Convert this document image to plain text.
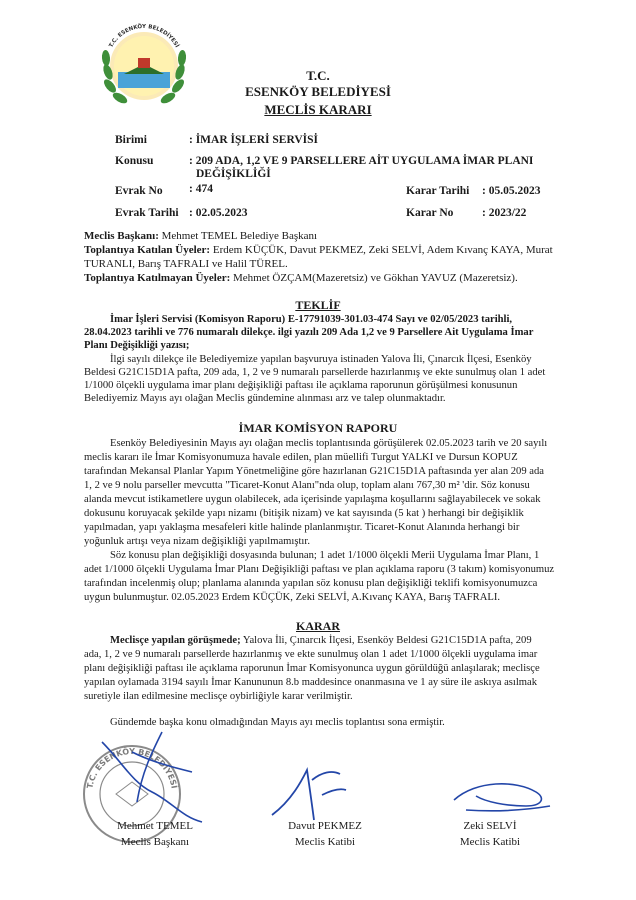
T.C. ESENKÖY BELEDİYESİ
T.C.
ESENKÖY BELEDİYESİ
MECLİS KARARI
Birimi	: İMAR İŞLERİ SERVİSİ
Konusu	: 209 ADA, 1,2 VE 9 PARSELLERE AİT UYGULAMA İMAR PLANI
DEĞİŞİKLİĞİ
Evrak No : 474	Karar Tarihi : 05.05.2023
Evrak Tarihi : 02.05.2023	Karar No : 2023/22
Meclis Başkanı: Mehmet TEMEL Belediye Başkanı
Toplantıya Katılan Üyeler: Erdem KÜÇÜK, Davut PEKMEZ, Zeki SELVİ, Adem Kıvanç KAYA, Murat
TURANLI, Barış TAFRALI ve Halil TÜREL.
Toplantıya Katılmayan Üyeler: Mehmet ÖZÇAM(Mazeretsiz) ve Gökhan YAVUZ (Mazeretsiz).
TEKLİF
İmar İşleri Servisi (Komisyon Raporu) E-17791039-301.03-474 Sayı ve 02/05/2023 tarihli,
28.04.2023 tarihli ve 776 numaralı dilekçe. ilgi yazılı 209 Ada 1,2 ve 9 Parsellere Ait Uygulama İmar
Planı Değişikliği yazısı;
İlgi sayılı dilekçe ile Belediyemize yapılan başvuruya istinaden Yalova İli, Çınarcık İlçesi, Esenköy
Beldesi G21C15D1A pafta, 209 ada, 1, 2 ve 9 numaralı parsellerde hazırlanmış ve ekte sunulmuş olan 1 adet
1/1000 ölçekli uygulama imar planı değişikliği paftası ile açıklama raporunun görüşülmesi konusunun
Belediyemiz Mayıs ayı olağan Meclis gündemine alınması arz ve talep olunmaktadır.
İMAR KOMİSYON RAPORU
Esenköy Belediyesinin Mayıs ayı olağan meclis toplantısında görüşülerek 02.05.2023 tarih ve 20 sayılı
meclis kararı ile İmar Komisyonumuza havale edilen, plan müellifi Turgut YALKI ve Dursun KOPUZ
tarafından Mekansal Planlar Yapım Yönetmeliğine göre hazırlanan G21C15D1A paftasında yer alan 209 ada
1, 2 ve 9 nolu parseller mevcutta "Ticaret-Konut Alanı"nda olup, toplam alanı 767,30 m² 'dir. Söz konusu
alanda mevcut istikametlere uygun olabilecek, ada içerisinde yapılaşma koşullarını sağlayabilecek ve sokak
dokusunu koruyacak şekilde yapı nizamı (bitişik nizam) ve kat sayısında (5 kat ) herhangi bir değişiklik
yapılmadan, yapı yaklaşma mesafeleri kitle halinde planlanmıştır. Ticaret-Konut Alanında herhangi bir
yoğunluk artışı veya nizam değişikliği yapılmamıştır.
Söz konusu plan değişikliği dosyasında bulunan; 1 adet 1/1000 ölçekli Merii Uygulama İmar Planı, 1
adet 1/1000 ölçekli Uygulama İmar Planı Değişikliği paftası ve plan açıklama raporu (3 takım) komisyonumuz
tarafından incelenmiş olup; planlama alanında yapılan söz konusu plan değişikliği teklifi komisyonumuzca
uygun bulunmuştur. 02.05.2023 Erdem KÜÇÜK, Zeki SELVİ, A.Kıvanç KAYA, Barış TAFRALI.
KARAR
Meclisçe yapılan görüşmede; Yalova İli, Çınarcık İlçesi, Esenköy Beldesi G21C15D1A pafta, 209
ada, 1, 2 ve 9 numaralı parsellerde hazırlanmış ve ekte sunulmuş olan 1 adet 1/1000 ölçekli uygulama imar
planı değişikliği paftası ile açıklama raporunun İmar Komisyonunca uygun görüldüğü anlaşılarak; meclisçe
yapılan oylamada 3194 sayılı İmar Kanununun 8.b maddesince onanmasına ve 1 ay süre ile askıya asılmak
suretiyle ilan edilmesine meclisçe oybirliğiyle karar verilmiştir.
Gündemde başka konu olmadığından Mayıs ayı meclis toplantısı sona ermiştir.
T.C. ESENKÖY BELEDİYESİ
Mehmet TEMEL
Meclis Başkanı
Davut PEKMEZ
Meclis Katibi
Zeki SELVİ
Meclis Katibi
